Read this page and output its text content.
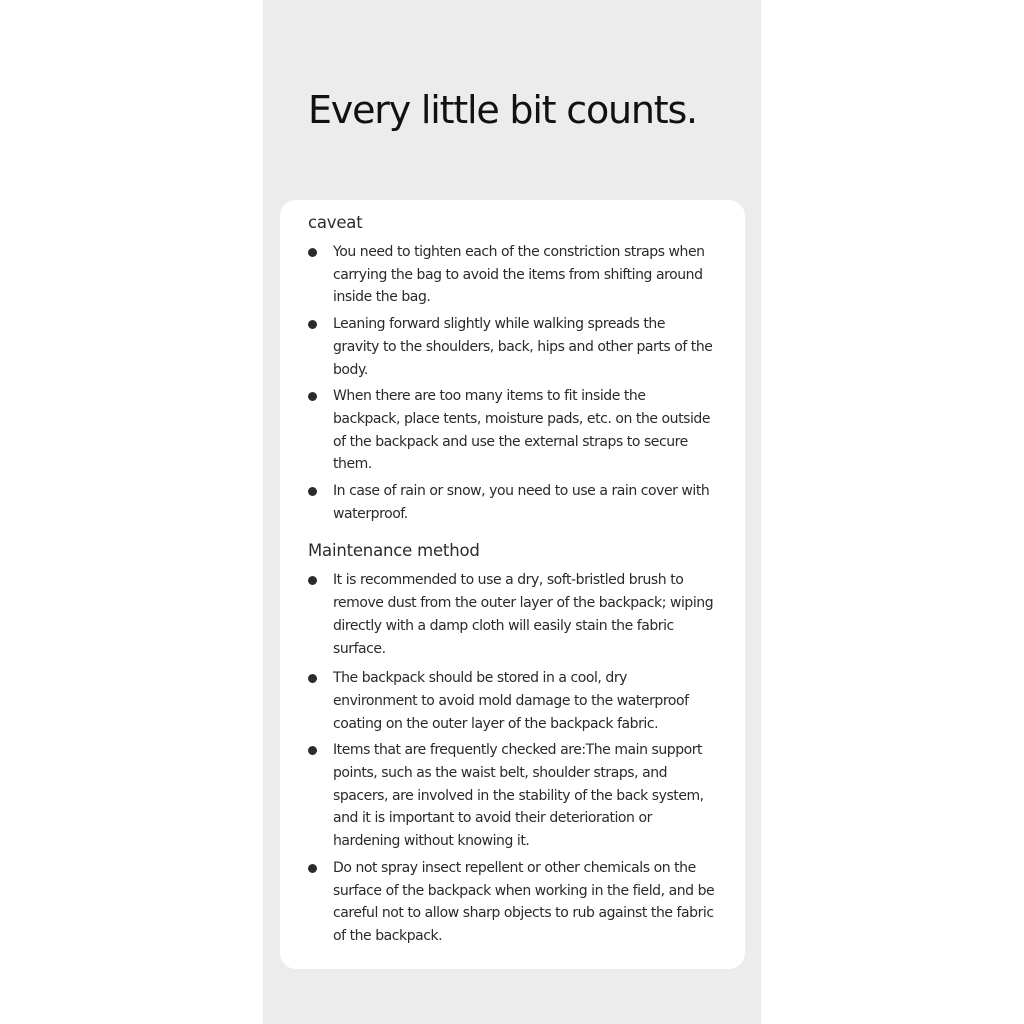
Every little bit counts.
caveat
You need to tighten each of the constriction straps when carrying the bag to avoid the items from shifting around inside the bag.
Leaning forward slightly while walking spreads the gravity to the shoulders, back, hips and other parts of the body.
When there are too many items to fit inside the backpack, place tents, moisture pads, etc. on the outside of the backpack and use the external straps to secure them.
In case of rain or snow, you need to use a rain cover with waterproof.
Maintenance method
It is recommended to use a dry, soft-bristled brush to remove dust from the outer layer of the backpack; wiping directly with a damp cloth will easily stain the fabric surface.
The backpack should be stored in a cool, dry environment to avoid mold damage to the waterproof coating on the outer layer of the backpack fabric.
Items that are frequently checked are:The main support points, such as the waist belt, shoulder straps, and spacers, are involved in the stability of the back system, and it is important to avoid their deterioration or hardening without knowing it.
Do not spray insect repellent or other chemicals on the surface of the backpack when working in the field, and be careful not to allow sharp objects to rub against the fabric of the backpack.
